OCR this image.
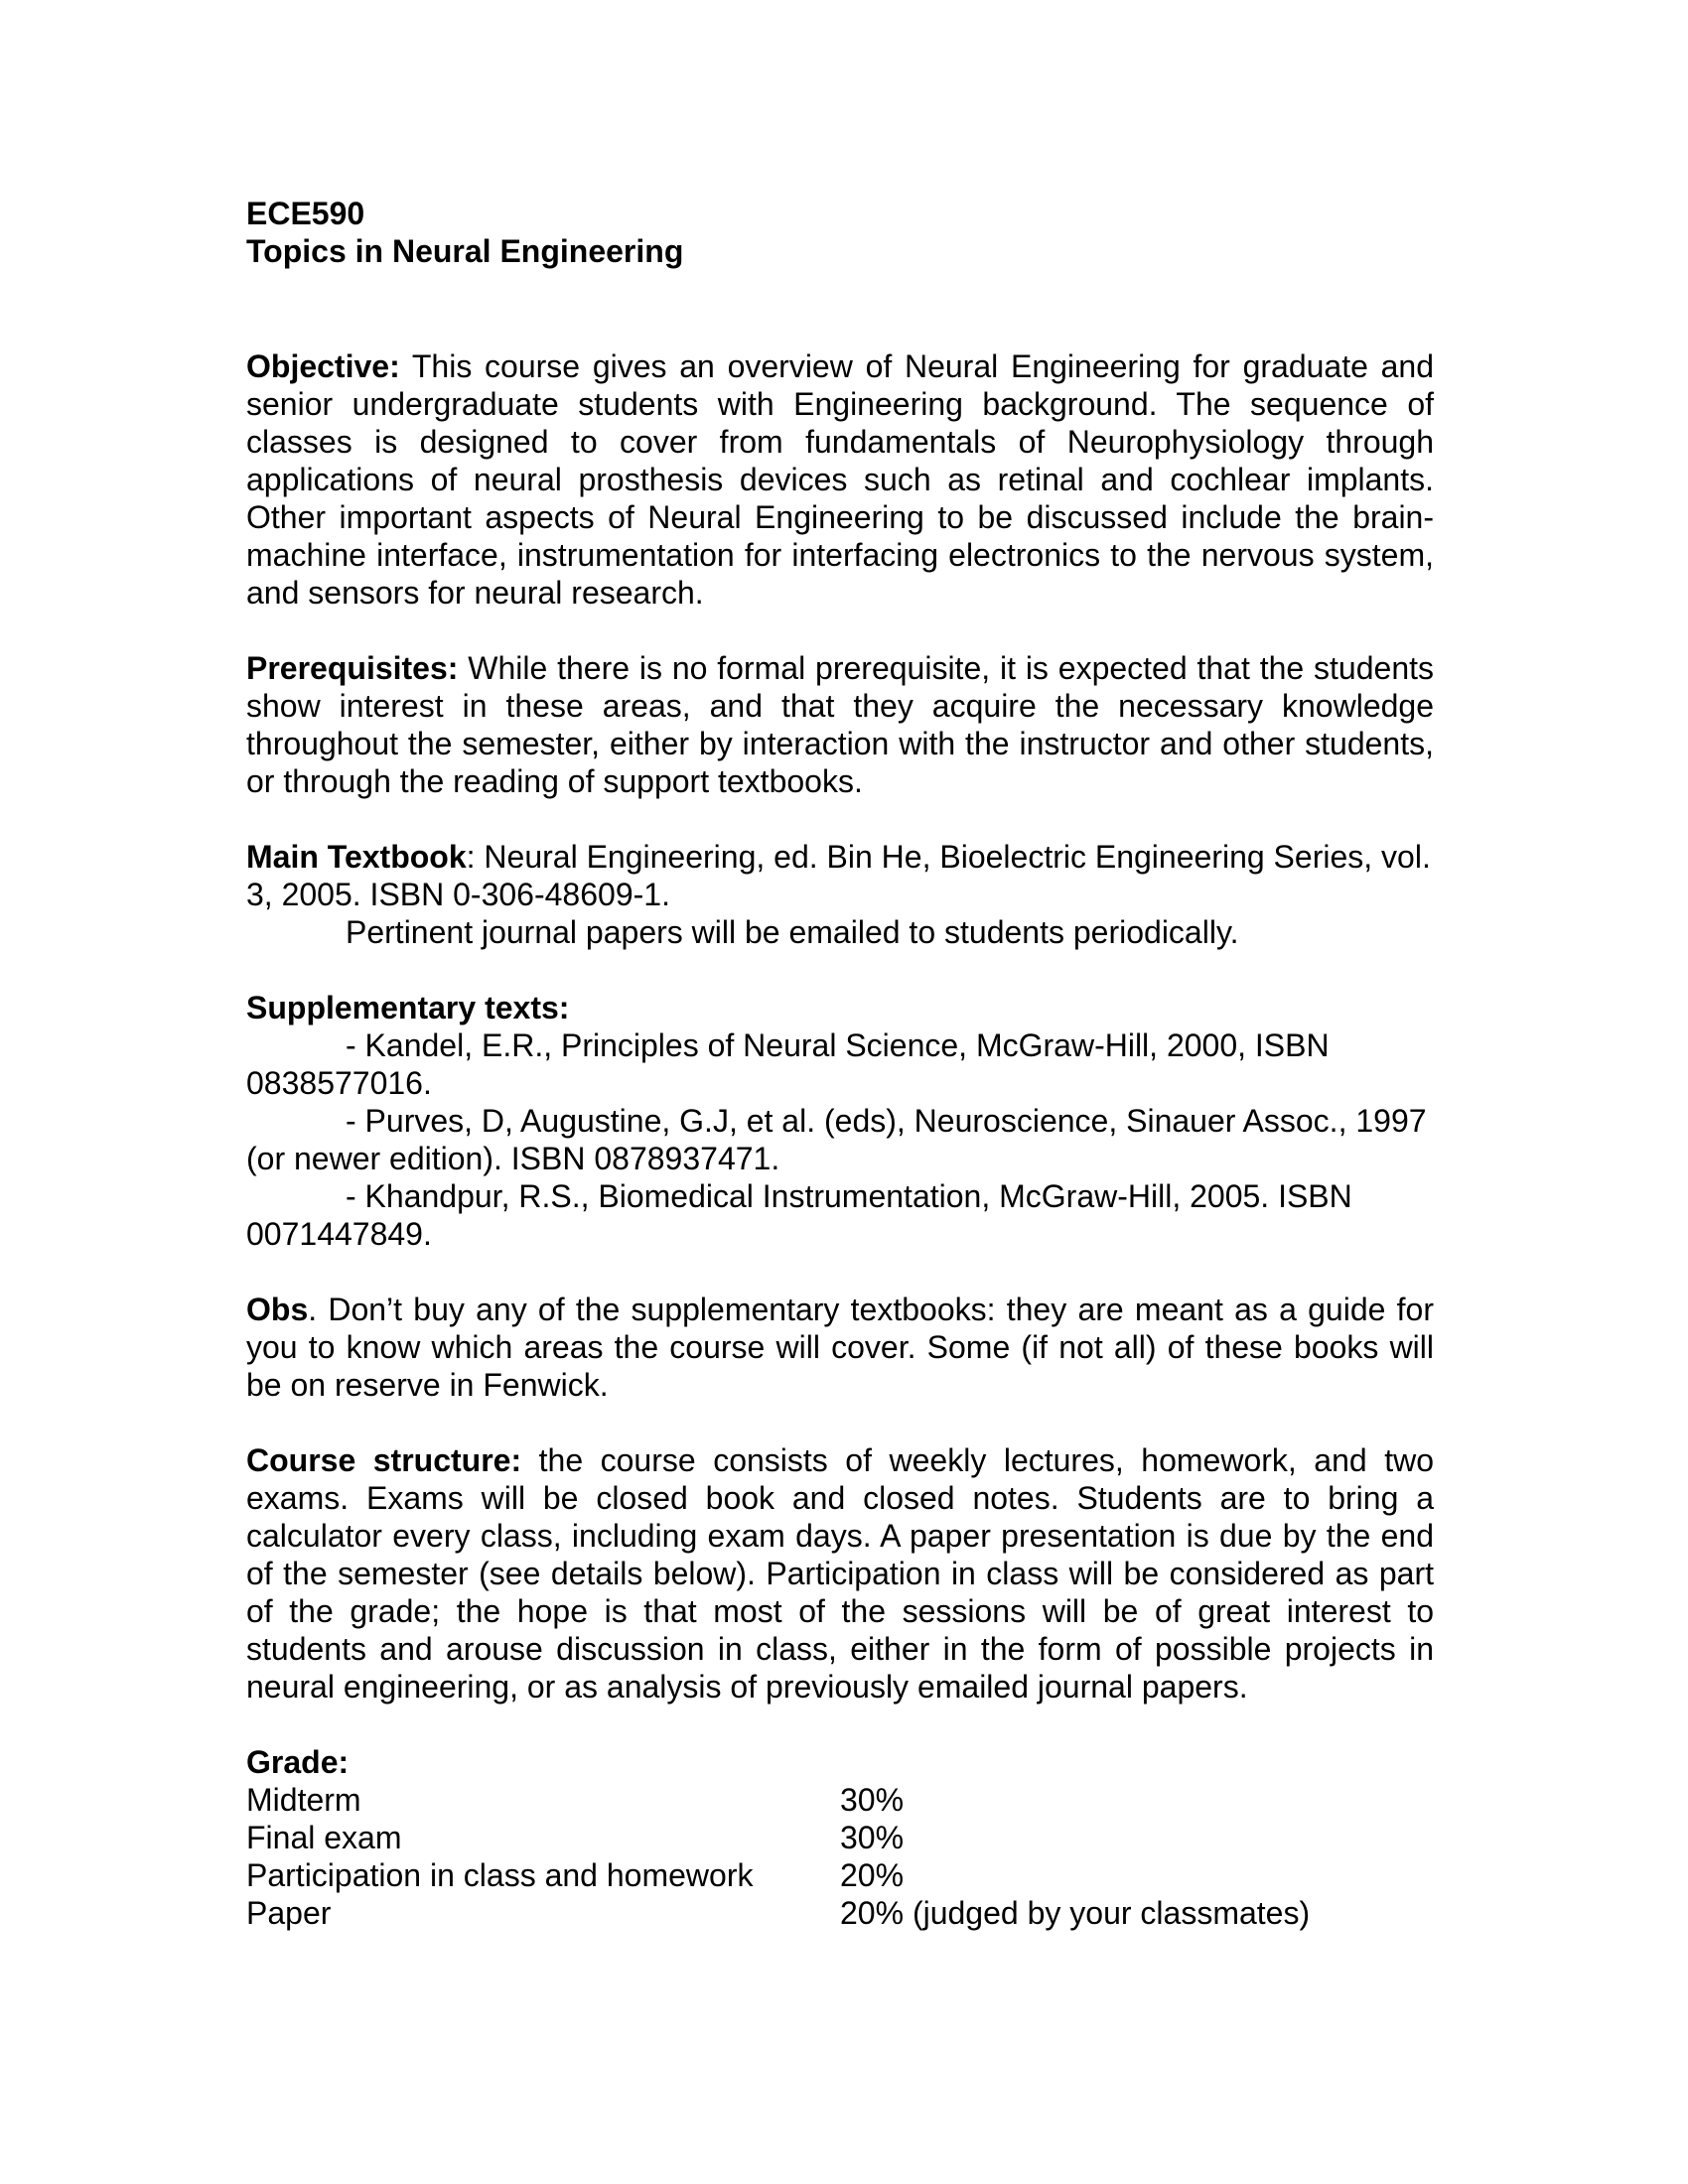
ECE590
Topics in Neural Engineering

Objective: This course gives an overview of Neural Engineering for graduate and senior undergraduate students with Engineering background. The sequence of classes is designed to cover from fundamentals of Neurophysiology through applications of neural prosthesis devices such as retinal and cochlear implants. Other important aspects of Neural Engineering to be discussed include the brain-machine interface, instrumentation for interfacing electronics to the nervous system, and sensors for neural research.

Prerequisites: While there is no formal prerequisite, it is expected that the students show interest in these areas, and that they acquire the necessary knowledge throughout the semester, either by interaction with the instructor and other students, or through the reading of support textbooks.

Main Textbook: Neural Engineering, ed. Bin He, Bioelectric Engineering Series, vol. 3, 2005. ISBN 0-306-48609-1.

Pertinent journal papers will be emailed to students periodically.

Supplementary texts:

- Kandel, E.R., Principles of Neural Science, McGraw-Hill, 2000, ISBN 0838577016.

- Purves, D, Augustine, G.J, et al. (eds), Neuroscience, Sinauer Assoc., 1997 (or newer edition). ISBN 0878937471.

- Khandpur, R.S., Biomedical Instrumentation, McGraw-Hill, 2005. ISBN 0071447849.

Obs. Don’t buy any of the supplementary textbooks: they are meant as a guide for you to know which areas the course will cover. Some (if not all) of these books will be on reserve in Fenwick.

Course structure: the course consists of weekly lectures, homework, and two exams. Exams will be closed book and closed notes. Students are to bring a calculator every class, including exam days. A paper presentation is due by the end of the semester (see details below). Participation in class will be considered as part of the grade; the hope is that most of the sessions will be of great interest to students and arouse discussion in class, either in the form of possible projects in neural engineering, or as analysis of previously emailed journal papers.

Grade:

Midterm	30%
Final exam	30%
Participation in class and homework	20%
Paper	20% (judged by your classmates)
